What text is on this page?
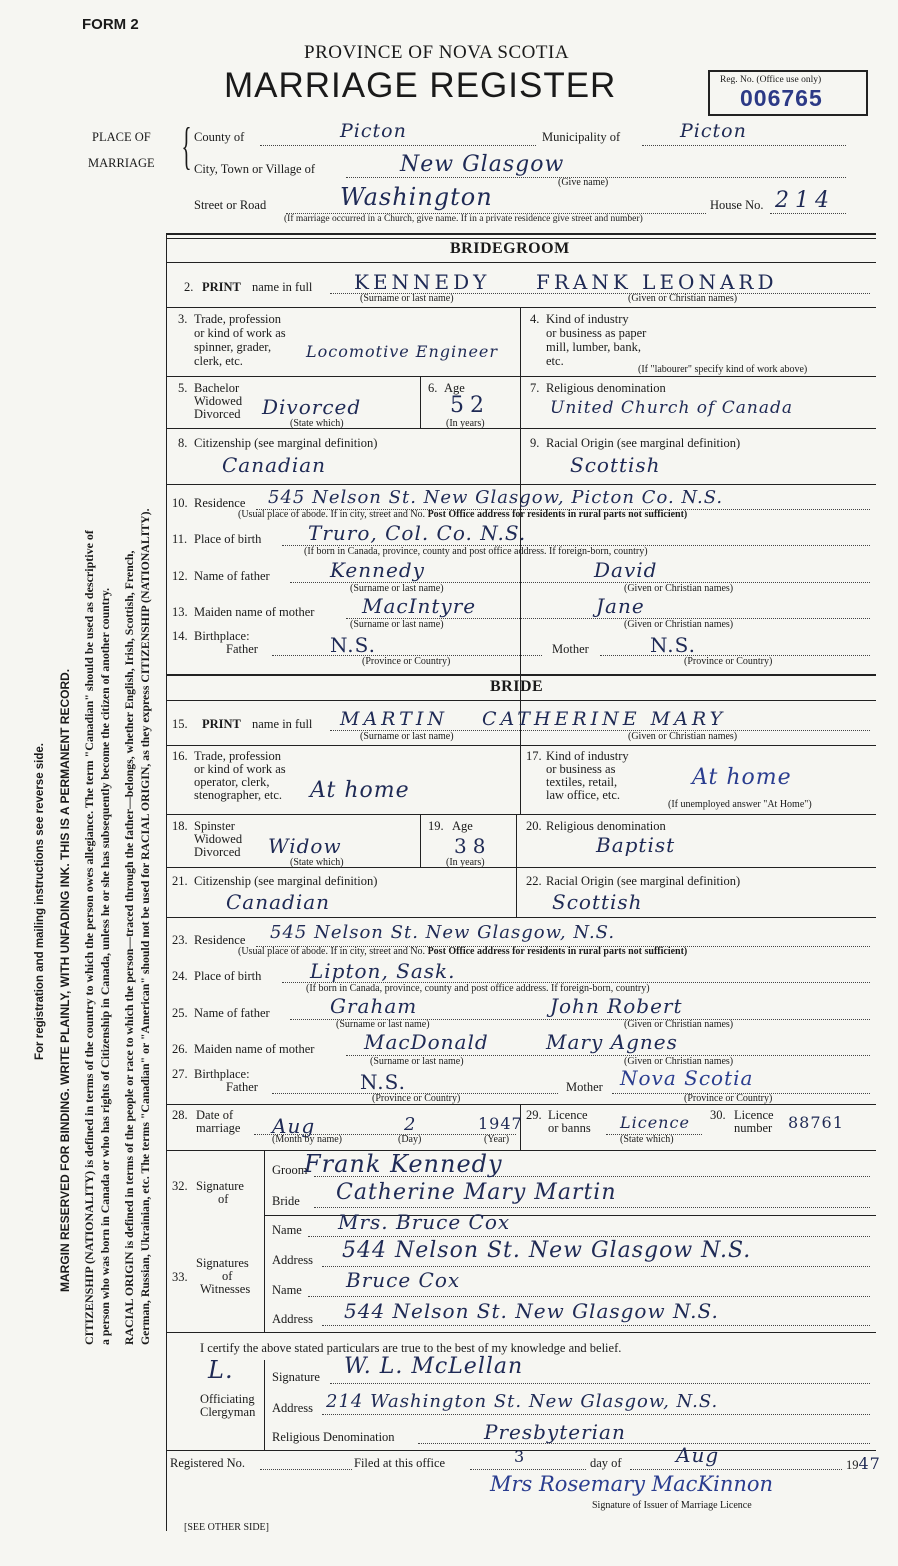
For registration and mailing instructions see reverse side. MARGIN RESERVED FOR BINDING. WRITE PLAINLY, WITH UNFADING INK. THIS IS A PERMANENT RECORD. CITIZENSHIP (NATIONALITY) is defined in terms of the country to which the person owes allegiance. The term "Canadian" should be used as descriptive of a person who was born in Canada or who has rights of Citizenship in Canada, unless he or she has subsequently become the citizen of another country. RACIAL ORIGIN is defined in terms of the people or race to which the person—traced through the father—belongs, whether English, Irish, Scottish, French, German, Russian, Ukrainian, etc. The terms "Canadian" or "American" should not be used for RACIAL ORIGIN, as they express CITIZENSHIP (NATIONALITY).
FORM 2
PROVINCE OF NOVA SCOTIA
MARRIAGE REGISTER	Reg. No. (Office use only)
006765
PLACE OF
MARRIAGE { County of	Picton	Municipality of	Picton
City, Town or Village of	New Glasgow
(Give name)
Street or Road	Washington	House No. 214
(If marriage occurred in a Church, give name. If in a private residence give street and number)
BRIDEGROOM
2. PRINT name in full KENNEDY FRANK LEONARD
(Surname or last name)	(Given or Christian names)
3. Trade, profession
or kind of work as
spinner, grader,
clerk, etc.	Locomotive Engineer
4. Kind of industry
or business as paper
mill, lumber, bank,
etc.
(If "labourer" specify kind of work above)
5. Bachelor
Widowed
Divorced Divorced
(State which)
6. Age
52
(In years)
7. Religious denomination
United Church of Canada
8. Citizenship (see marginal definition)
Canadian
9. Racial Origin (see marginal definition)
Scottish
10. Residence 545 Nelson St. New Glasgow, Picton Co. N.S.
(Usual place of abode. If in city, street and No. Post Office address for residents in rural parts not sufficient)
11. Place of birth Truro, Col. Co. N.S.
(If born in Canada, province, county and post office address. If foreign-born, country)
12. Name of father	Kennedy	David
(Surname or last name)	(Given or Christian names)
13. Maiden name of mother MacIntyre	Jane
(Surname or last name)	(Given or Christian names)
14. Birthplace:
Father	N.S.
(Province or Country)
Mother	N.S.
(Province or Country)
BRIDE
15. PRINT name in full MARTIN CATHERINE MARY
(Surname or last name)	(Given or Christian names)
16. Trade, profession
or kind of work as
operator, clerk,
stenographer, etc. At home
17. Kind of industry
or business as
textiles, retail,
law office, etc.
At home
(If unemployed answer "At Home")
18. Spinster
Widowed
Divorced Widow
(State which)
19. Age
38
(In years)
20. Religious denomination
Baptist
21. Citizenship (see marginal definition)
Canadian
22. Racial Origin (see marginal definition)
Scottish
23. Residence 545 Nelson St. New Glasgow, N.S.
(Usual place of abode. If in city, street and No. Post Office address for residents in rural parts not sufficient)
24. Place of birth Lipton, Sask.
(If born in Canada, province, county and post office address. If foreign-born, country)
25. Name of father	Graham	John Robert
(Surname or last name)	(Given or Christian names)
26. Maiden name of mother MacDonald	Mary Agnes
(Surname or last name)	(Given or Christian names)
27. Birthplace:
Father	N.S.
(Province or Country)
Mother Nova Scotia
(Province or Country)
28. Date of
marriage Aug	2	1947
(Month by name)	(Day)	(Year)
29. Licence
or banns Licence
(State which)
30. Licence
number 88761
32. Signature
of
Groom
Frank Kennedy
Bride Catherine Mary Martin
33.
Signatures
of
Witnesses
Name Mrs. Bruce Cox
Address 544 Nelson St. New Glasgow N.S.
Name Bruce Cox
Address 544 Nelson St. New Glasgow N.S.
I certify the above stated particulars are true to the best of my knowledge and belief.
L.
Officiating
Clergyman
Signature W. L. McLellan
Address 214 Washington St. New Glasgow, N.S.
Religious Denomination	Presbyterian
Registered No.	Filed at this office	3	day of	Aug	1947
Mrs Rosemary MacKinnon
Signature of Issuer of Marriage Licence
[SEE OTHER SIDE]
